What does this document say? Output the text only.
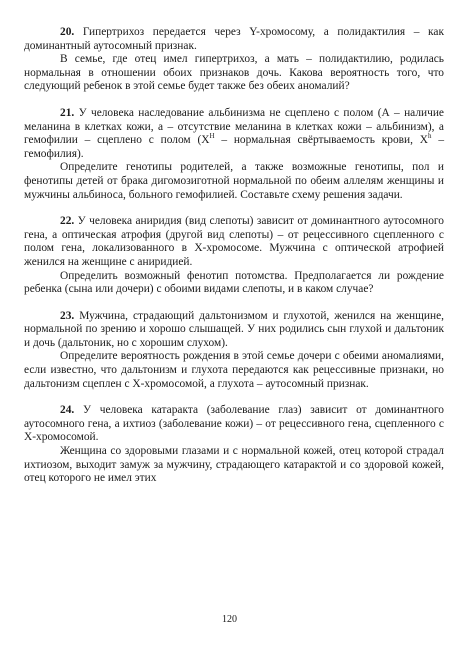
20. Гипертрихоз передается через Y-хромосому, а полидактилия – как доминантный аутосомный признак.

В семье, где отец имел гипертрихоз, а мать – полидактилию, родилась нормальная в отношении обоих признаков дочь. Какова вероятность того, что следующий ребенок в этой семье будет также без обеих аномалий?

21. У человека наследование альбинизма не сцеплено с полом (А – наличие меланина в клетках кожи, а – отсутствие меланина в клетках кожи – альбинизм), а гемофилии – сцеплено с полом ($X^H$ – нормальная свёртываемость крови, $X^h$ – гемофилия).

Определите генотипы родителей, а также возможные генотипы, пол и фенотипы детей от брака дигомозиготной нормальной по обеим аллелям женщины и мужчины альбиноса, больного гемофилией. Составьте схему решения задачи.

22. У человека аниридия (вид слепоты) зависит от доминантного аутосомного гена, а оптическая атрофия (другой вид слепоты) – от рецессивного сцепленного с полом гена, локализованного в X-хромосоме. Мужчина с оптической атрофией женился на женщине с аниридией.

Определить возможный фенотип потомства. Предполагается ли рождение ребенка (сына или дочери) с обоими видами слепоты, и в каком случае?

23. Мужчина, страдающий дальтонизмом и глухотой, женился на женщине, нормальной по зрению и хорошо слышащей. У них родились сын глухой и дальтоник и дочь (дальтоник, но с хорошим слухом).

Определите вероятность рождения в этой семье дочери с обеими аномалиями, если известно, что дальтонизм и глухота передаются как рецессивные признаки, но дальтонизм сцеплен с X-хромосомой, а глухота – аутосомный признак.

24. У человека катаракта (заболевание глаз) зависит от доминантного аутосомного гена, а ихтиоз (заболевание кожи) – от рецессивного гена, сцепленного с X-хромосомой.

Женщина со здоровыми глазами и с нормальной кожей, отец которой страдал ихтиозом, выходит замуж за мужчину, страдающего катарактой и со здоровой кожей, отец которого не имел этих

120
